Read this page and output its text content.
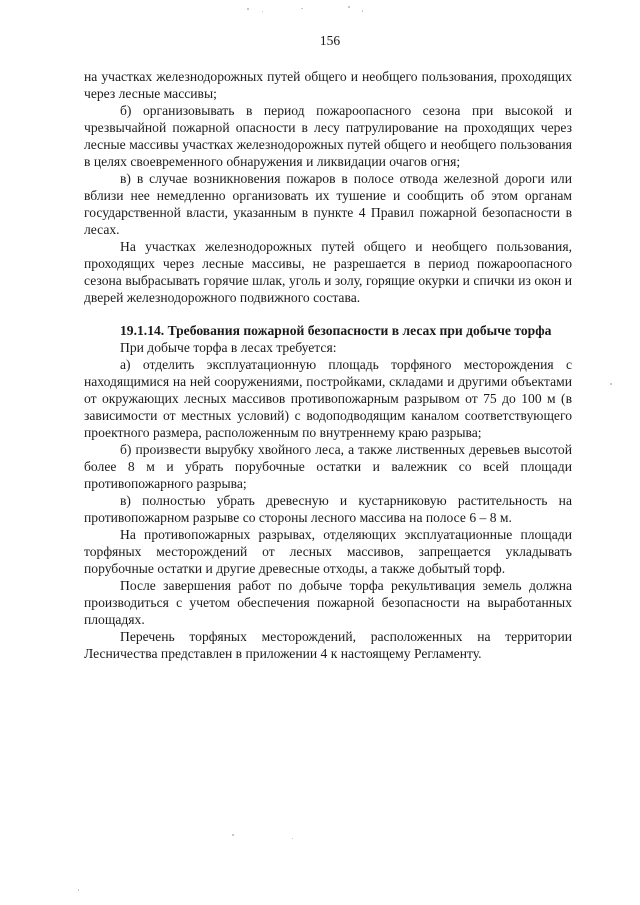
156

на участках железнодорожных путей общего и необщего пользования, проходящих через лесные массивы;

б) организовывать в период пожароопасного сезона при высокой и чрезвычайной пожарной опасности в лесу патрулирование на проходящих через лесные массивы участках железнодорожных путей общего и необщего пользования в целях своевременного обнаружения и ликвидации очагов огня;

в) в случае возникновения пожаров в полосе отвода железной дороги или вблизи нее немедленно организовать их тушение и сообщить об этом органам государственной власти, указанным в пункте 4 Правил пожарной безопасности в лесах.

На участках железнодорожных путей общего и необщего пользования, проходящих через лесные массивы, не разрешается в период пожароопасного сезона выбрасывать горячие шлак, уголь и золу, горящие окурки и спички из окон и дверей железнодорожного подвижного состава.

19.1.14. Требования пожарной безопасности в лесах при добыче торфа

При добыче торфа в лесах требуется:

а) отделить эксплуатационную площадь торфяного месторождения с находящимися на ней сооружениями, постройками, складами и другими объектами от окружающих лесных массивов противопожарным разрывом от 75 до 100 м (в зависимости от местных условий) с водоподводящим каналом соответствующего проектного размера, расположенным по внутреннему краю разрыва;

б) произвести вырубку хвойного леса, а также лиственных деревьев высотой более 8 м и убрать порубочные остатки и валежник со всей площади противопожарного разрыва;

в) полностью убрать древесную и кустарниковую растительность на противопожарном разрыве со стороны лесного массива на полосе 6 – 8 м.

На противопожарных разрывах, отделяющих эксплуатационные площади торфяных месторождений от лесных массивов, запрещается укладывать порубочные остатки и другие древесные отходы, а также добытый торф.

После завершения работ по добыче торфа рекультивация земель должна производиться с учетом обеспечения пожарной безопасности на выработанных площадях.

Перечень торфяных месторождений, расположенных на территории Лесничества представлен в приложении 4 к настоящему Регламенту.
